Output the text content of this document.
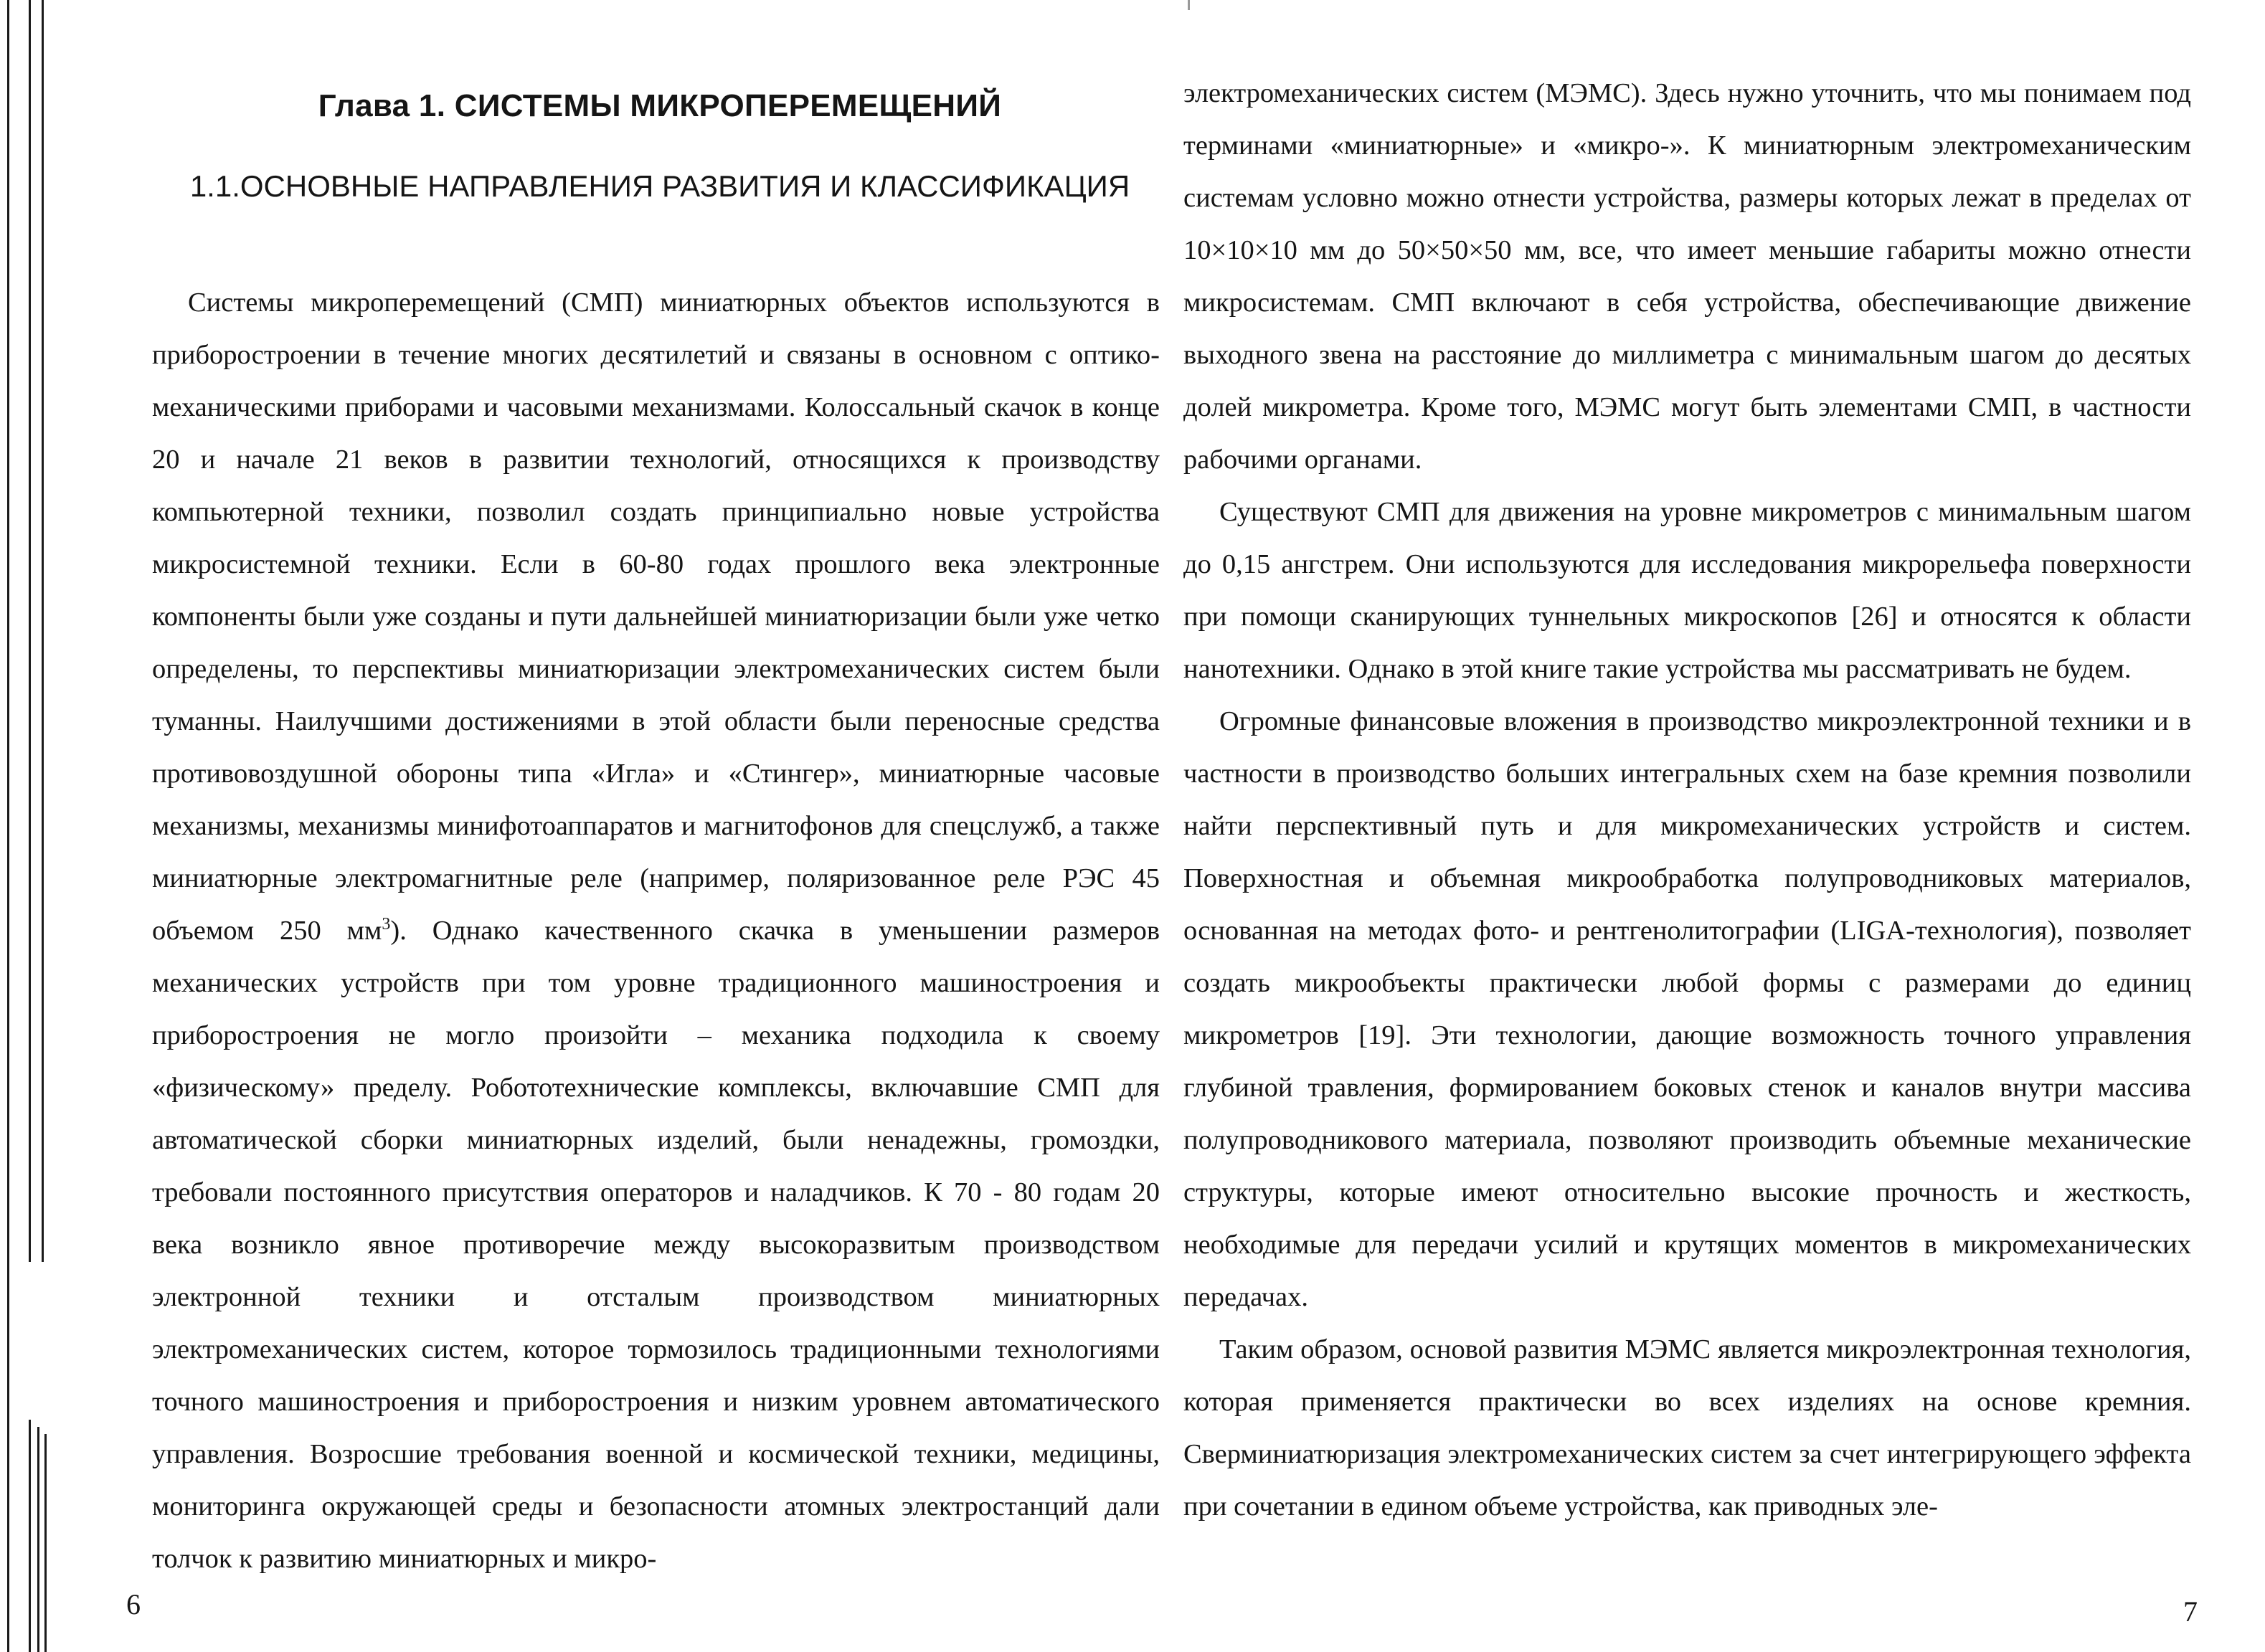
Глава 1. СИСТЕМЫ МИКРОПЕРЕМЕЩЕНИЙ
1.1.ОСНОВНЫЕ НАПРАВЛЕНИЯ РАЗВИТИЯ И КЛАССИФИКАЦИЯ

Системы микроперемещений (СМП) миниатюрных объектов используются в приборостроении в течение многих десятилетий и связаны в основном с оптико-механическими приборами и часовыми механизмами. Колоссальный скачок в конце 20 и начале 21 веков в развитии технологий, относящихся к производству компьютерной техники, позволил создать принципиально новые устройства микросистемной техники. Если в 60-80 годах прошлого века электронные компоненты были уже созданы и пути дальнейшей миниатюризации были уже четко определены, то перспективы миниатюризации электромеханических систем были туманны. Наилучшими достижениями в этой области были переносные средства противовоздушной обороны типа «Игла» и «Стингер», миниатюрные часовые механизмы, механизмы минифотоаппаратов и магнитофонов для спецслужб, а также миниатюрные электромагнитные реле (например, поляризованное реле РЭС 45 объемом 250 $мм^3$). Однако качественного скачка в уменьшении размеров механических устройств при том уровне традиционного машиностроения и приборостроения не могло произойти – механика подходила к своему «физическому» пределу. Робототехнические комплексы, включавшие СМП для автоматической сборки миниатюрных изделий, были ненадежны, громоздки, требовали постоянного присутствия операторов и наладчиков. К 70 - 80 годам 20 века возникло явное противоречие между высокоразвитым производством электронной техники и отсталым производством миниатюрных электромеханических систем, которое тормозилось традиционными технологиями точного машиностроения и приборостроения и низким уровнем автоматического управления. Возросшие требования военной и космической техники, медицины, мониторинга окружающей среды и безопасности атомных электростанций дали толчок к развитию миниатюрных и микро-

6

электромеханических систем (МЭМС). Здесь нужно уточнить, что мы понимаем под терминами «миниатюрные» и «микро-». К миниатюрным электромеханическим системам условно можно отнести устройства, размеры которых лежат в пределах от 10×10×10 мм до 50×50×50 мм, все, что имеет меньшие габариты можно отнести микросистемам. СМП включают в себя устройства, обеспечивающие движение выходного звена на расстояние до миллиметра с минимальным шагом до десятых долей микрометра. Кроме того, МЭМС могут быть элементами СМП, в частности рабочими органами.

Существуют СМП для движения на уровне микрометров с минимальным шагом до 0,15 ангстрем. Они используются для исследования микрорельефа поверхности при помощи сканирующих туннельных микроскопов [26] и относятся к области нанотехники. Однако в этой книге такие устройства мы рассматривать не будем.

Огромные финансовые вложения в производство микроэлектронной техники и в частности в производство больших интегральных схем на базе кремния позволили найти перспективный путь и для микромеханических устройств и систем. Поверхностная и объемная микрообработка полупроводниковых материалов, основанная на методах фото- и рентгенолитографии (LIGA-технология), позволяет создать микрообъекты практически любой формы с размерами до единиц микрометров [19]. Эти технологии, дающие возможность точного управления глубиной травления, формированием боковых стенок и каналов внутри массива полупроводникового материала, позволяют производить объемные механические структуры, которые имеют относительно высокие прочность и жесткость, необходимые для передачи усилий и крутящих моментов в микромеханических передачах.

Таким образом, основой развития МЭМС является микроэлектронная технология, которая применяется практически во всех изделиях на основе кремния. Сверминиатюризация электромеханических систем за счет интегрирующего эффекта при сочетании в едином объеме устройства, как приводных эле-

7
